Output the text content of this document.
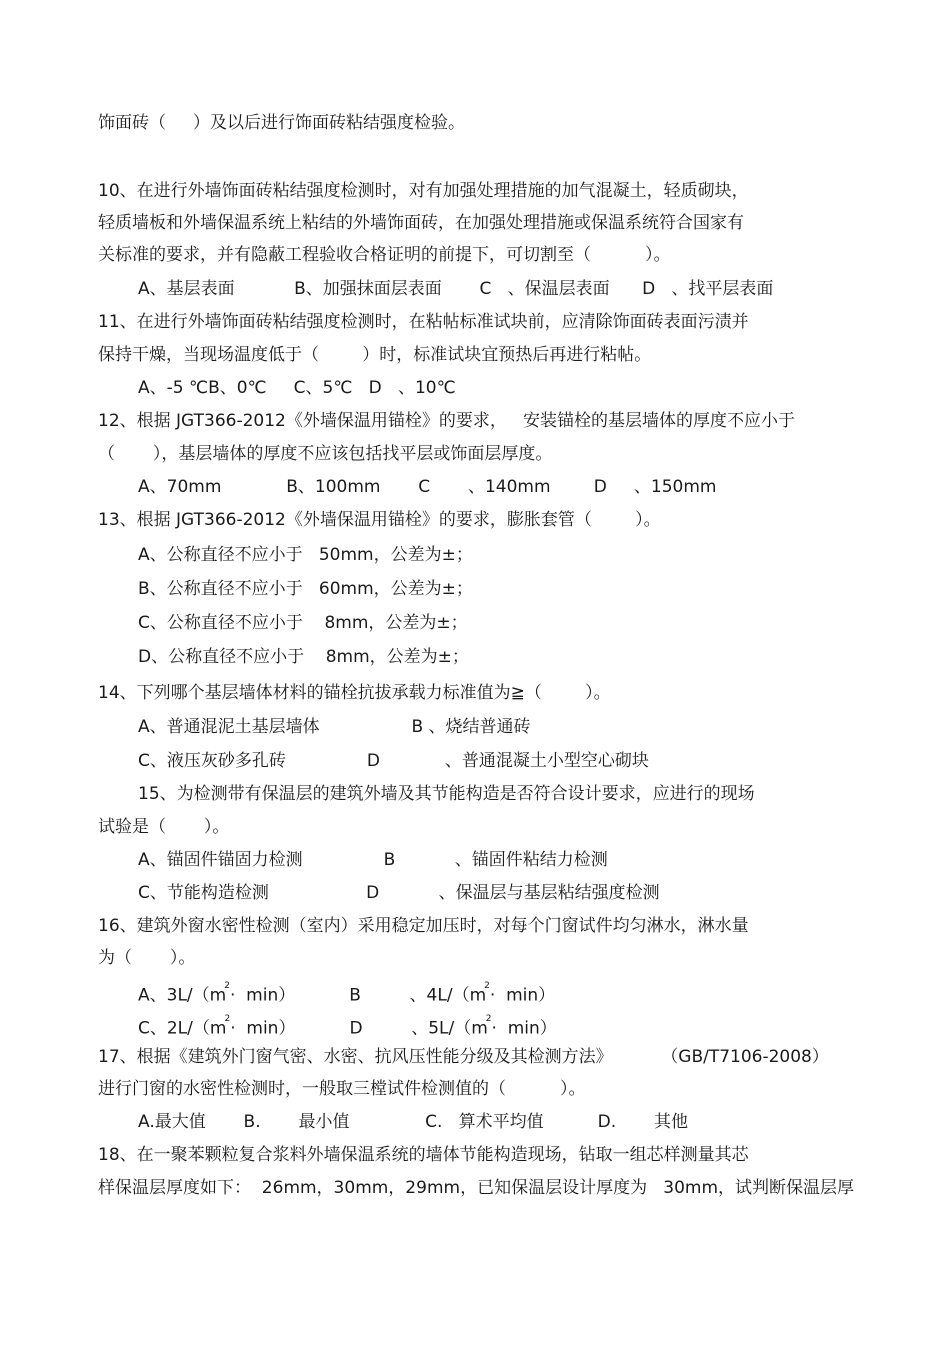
饰面砖（     ）及以后进行饰面砖粘结强度检验。
10、在进行外墙饰面砖粘结强度检测时，对有加强处理措施的加气混凝土，轻质砌块，
轻质墙板和外墙保温系统上粘结的外墙饰面砖，在加强处理措施或保温系统符合国家有
关标准的要求，并有隐蔽工程验收合格证明的前提下，可切割至（          ）。
A、基层表面           B、加强抹面层表面       C   、保温层表面      D   、找平层表面
11、在进行外墙饰面砖粘结强度检测时，在粘帖标准试块前，应清除饰面砖表面污渍并
保持干燥，当现场温度低于（        ）时，标准试块宜预热后再进行粘帖。
A、-5 ℃B、0℃     C、5℃   D   、10℃
12、根据 JGT366-2012《外墙保温用锚栓》的要求，   安装锚栓的基层墙体的厚度不应小于
（       ），基层墙体的厚度不应该包括找平层或饰面层厚度。
A、70mm            B、100mm       C       、140mm        D     、150mm
13、根据 JGT366-2012《外墙保温用锚栓》的要求，膨胀套管（        ）。
A、公称直径不应小于   50mm，公差为±；
B、公称直径不应小于   60mm，公差为±；
C、公称直径不应小于    8mm，公差为±；
D、公称直径不应小于    8mm，公差为±；
14、下列哪个基层墙体材料的锚栓抗拔承载力标准值为≧（        ）。
A、普通混泥土基层墙体                 B 、烧结普通砖
C、液压灰砂多孔砖               D            、普通混凝土小型空心砌块
15、为检测带有保温层的建筑外墙及其节能构造是否符合设计要求，应进行的现场
试验是（       ）。
A、锚固件锚固力检测               B           、锚固件粘结力检测
C、节能构造检测                  D           、保温层与基层粘结强度检测
16、建筑外窗水密性检测（室内）采用稳定加压时，对每个门窗试件均匀淋水，淋水量
为（       ）。
A、$3L/(m^2\cdot \min)$          B         、$4L/(m^2\cdot \min)$
C、$2L/(m^2\cdot \min)$          D         、$5L/(m^2\cdot \min)$
17、根据《建筑外门窗气密、水密、抗风压性能分级及其检测方法》         （GB/T7106-2008）
进行门窗的水密性检测时，一般取三樘试件检测值的（          ）。
A.最大值       B.       最小值              C.   算术平均值          D.       其他
18、在一聚苯颗粒复合浆料外墙保温系统的墙体节能构造现场，钻取一组芯样测量其芯
样保温层厚度如下：  26mm，30mm，29mm，已知保温层设计厚度为   30mm，试判断保温层厚
